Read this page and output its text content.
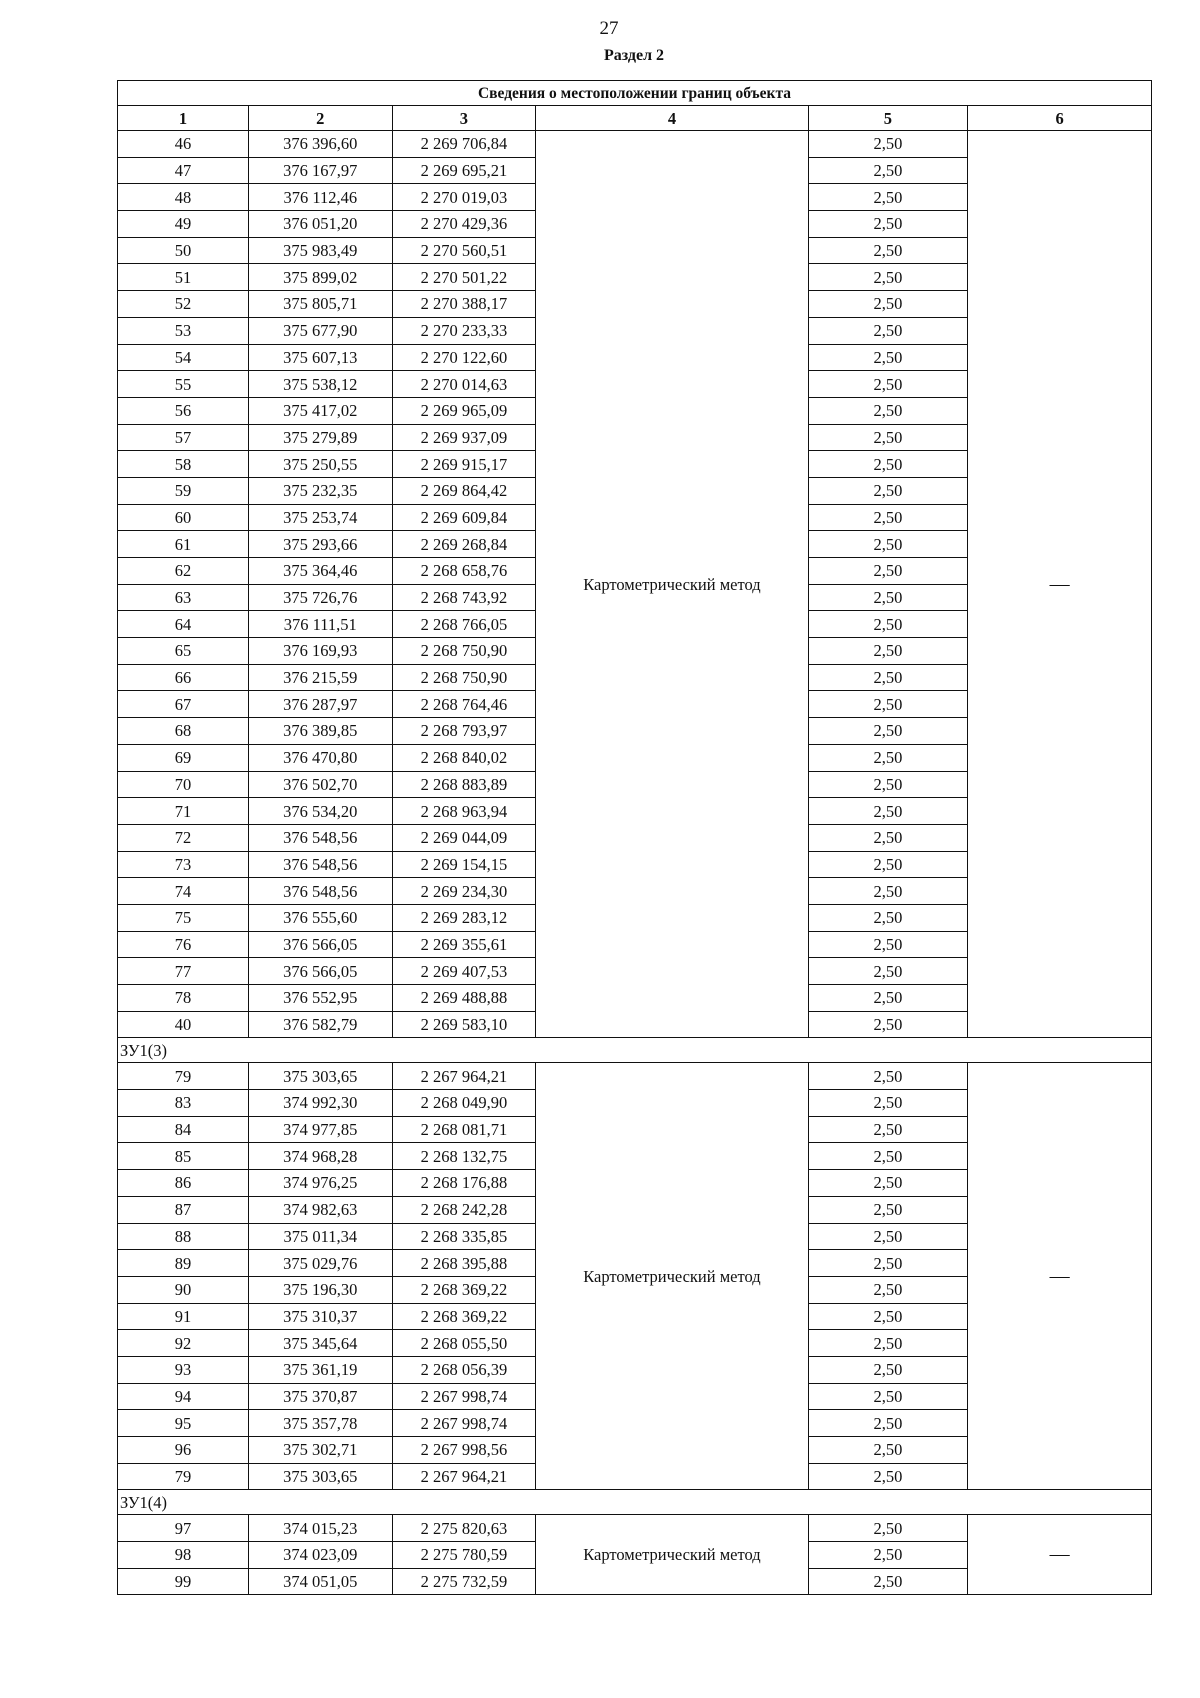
27
Раздел 2
Сведения о местоположении границ объекта					
1	2	3	4	5	6
46	376 396,60	2 269 706,84	Картометрический метод	2,50	—
47	376 167,97	2 269 695,21		2,50	
48	376 112,46	2 270 019,03		2,50	
49	376 051,20	2 270 429,36		2,50	
50	375 983,49	2 270 560,51		2,50	
51	375 899,02	2 270 501,22		2,50	
52	375 805,71	2 270 388,17		2,50	
53	375 677,90	2 270 233,33		2,50	
54	375 607,13	2 270 122,60		2,50	
55	375 538,12	2 270 014,63		2,50	
56	375 417,02	2 269 965,09		2,50	
57	375 279,89	2 269 937,09		2,50	
58	375 250,55	2 269 915,17		2,50	
59	375 232,35	2 269 864,42		2,50	
60	375 253,74	2 269 609,84		2,50	
61	375 293,66	2 269 268,84		2,50	
62	375 364,46	2 268 658,76		2,50	
63	375 726,76	2 268 743,92		2,50	
64	376 111,51	2 268 766,05		2,50	
65	376 169,93	2 268 750,90		2,50	
66	376 215,59	2 268 750,90		2,50	
67	376 287,97	2 268 764,46		2,50	
68	376 389,85	2 268 793,97		2,50	
69	376 470,80	2 268 840,02		2,50	
70	376 502,70	2 268 883,89		2,50	
71	376 534,20	2 268 963,94		2,50	
72	376 548,56	2 269 044,09		2,50	
73	376 548,56	2 269 154,15		2,50	
74	376 548,56	2 269 234,30		2,50	
75	376 555,60	2 269 283,12		2,50	
76	376 566,05	2 269 355,61		2,50	
77	376 566,05	2 269 407,53		2,50	
78	376 552,95	2 269 488,88		2,50	
40	376 582,79	2 269 583,10		2,50	
ЗУ1(3)					
79	375 303,65	2 267 964,21	Картометрический метод	2,50	—
83	374 992,30	2 268 049,90		2,50	
84	374 977,85	2 268 081,71		2,50	
85	374 968,28	2 268 132,75		2,50	
86	374 976,25	2 268 176,88		2,50	
87	374 982,63	2 268 242,28		2,50	
88	375 011,34	2 268 335,85		2,50	
89	375 029,76	2 268 395,88		2,50	
90	375 196,30	2 268 369,22		2,50	
91	375 310,37	2 268 369,22		2,50	
92	375 345,64	2 268 055,50		2,50	
93	375 361,19	2 268 056,39		2,50	
94	375 370,87	2 267 998,74		2,50	
95	375 357,78	2 267 998,74		2,50	
96	375 302,71	2 267 998,56		2,50	
79	375 303,65	2 267 964,21		2,50	
ЗУ1(4)					
97	374 015,23	2 275 820,63	Картометрический метод	2,50	—
98	374 023,09	2 275 780,59		2,50	
99	374 051,05	2 275 732,59		2,50	
